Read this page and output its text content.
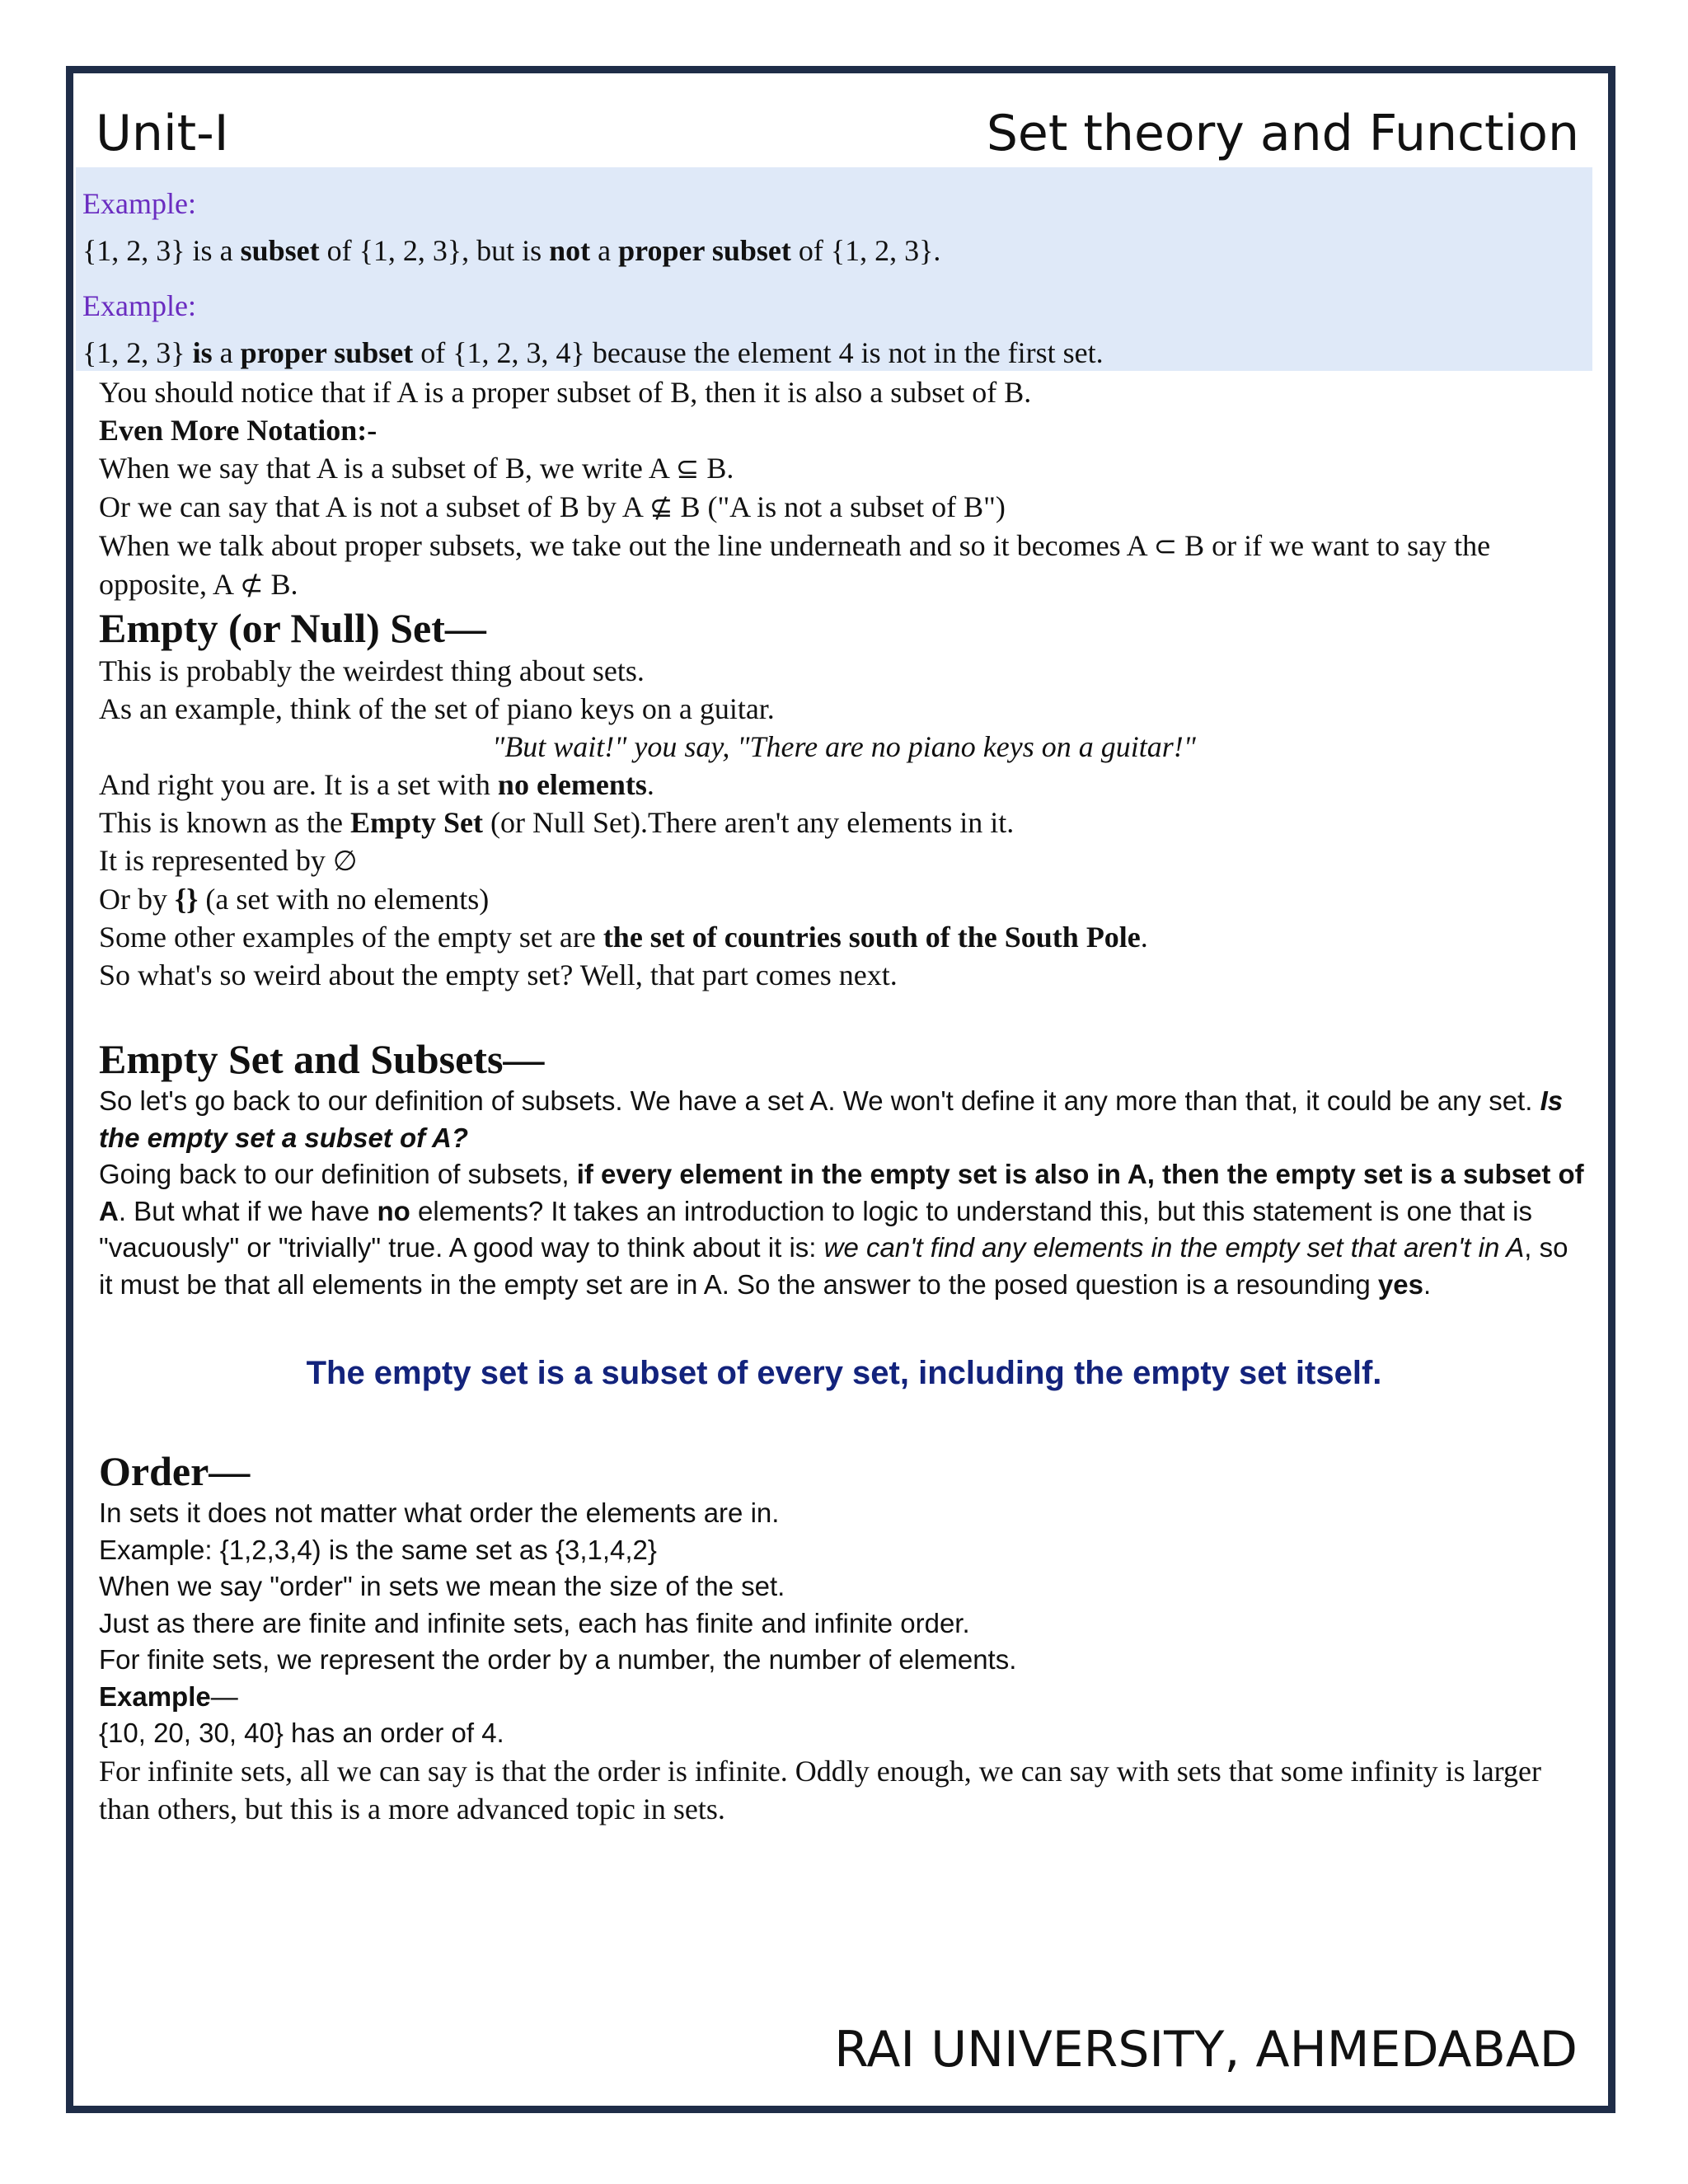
Unit-I	Set theory and Function
Example:
{1, 2, 3} is a subset of {1, 2, 3}, but is not a proper subset of {1, 2, 3}.
Example:
{1, 2, 3} is a proper subset of {1, 2, 3, 4} because the element 4 is not in the first set.

You should notice that if A is a proper subset of B, then it is also a subset of B.

Even More Notation:-

When we say that A is a subset of B, we write A ⊆ B.

Or we can say that A is not a subset of B by A ⊈ B ("A is not a subset of B")

When we talk about proper subsets, we take out the line underneath and so it becomes A ⊂ B or if we want to say the opposite, A ⊄ B.

Empty (or Null) Set—

This is probably the weirdest thing about sets.

As an example, think of the set of piano keys on a guitar.

"But wait!" you say, "There are no piano keys on a guitar!"

And right you are. It is a set with no elements.

This is known as the Empty Set (or Null Set).There aren't any elements in it.

It is represented by ∅

Or by {} (a set with no elements)

Some other examples of the empty set are the set of countries south of the South Pole.

So what's so weird about the empty set? Well, that part comes next.

Empty Set and Subsets—

So let's go back to our definition of subsets. We have a set A. We won't define it any more than that, it could be any set. Is the empty set a subset of A?

Going back to our definition of subsets, if every element in the empty set is also in A, then the empty set is a subset of A. But what if we have no elements? It takes an introduction to logic to understand this, but this statement is one that is "vacuously" or "trivially" true. A good way to think about it is: we can't find any elements in the empty set that aren't in A, so it must be that all elements in the empty set are in A. So the answer to the posed question is a resounding yes.

The empty set is a subset of every set, including the empty set itself.

Order—

In sets it does not matter what order the elements are in.

Example: {1,2,3,4) is the same set as {3,1,4,2}

When we say "order" in sets we mean the size of the set.

Just as there are finite and infinite sets, each has finite and infinite order.

For finite sets, we represent the order by a number, the number of elements.

Example—

{10, 20, 30, 40} has an order of 4.

For infinite sets, all we can say is that the order is infinite. Oddly enough, we can say with sets that some infinity is larger than others, but this is a more advanced topic in sets.

RAI UNIVERSITY, AHMEDABAD
